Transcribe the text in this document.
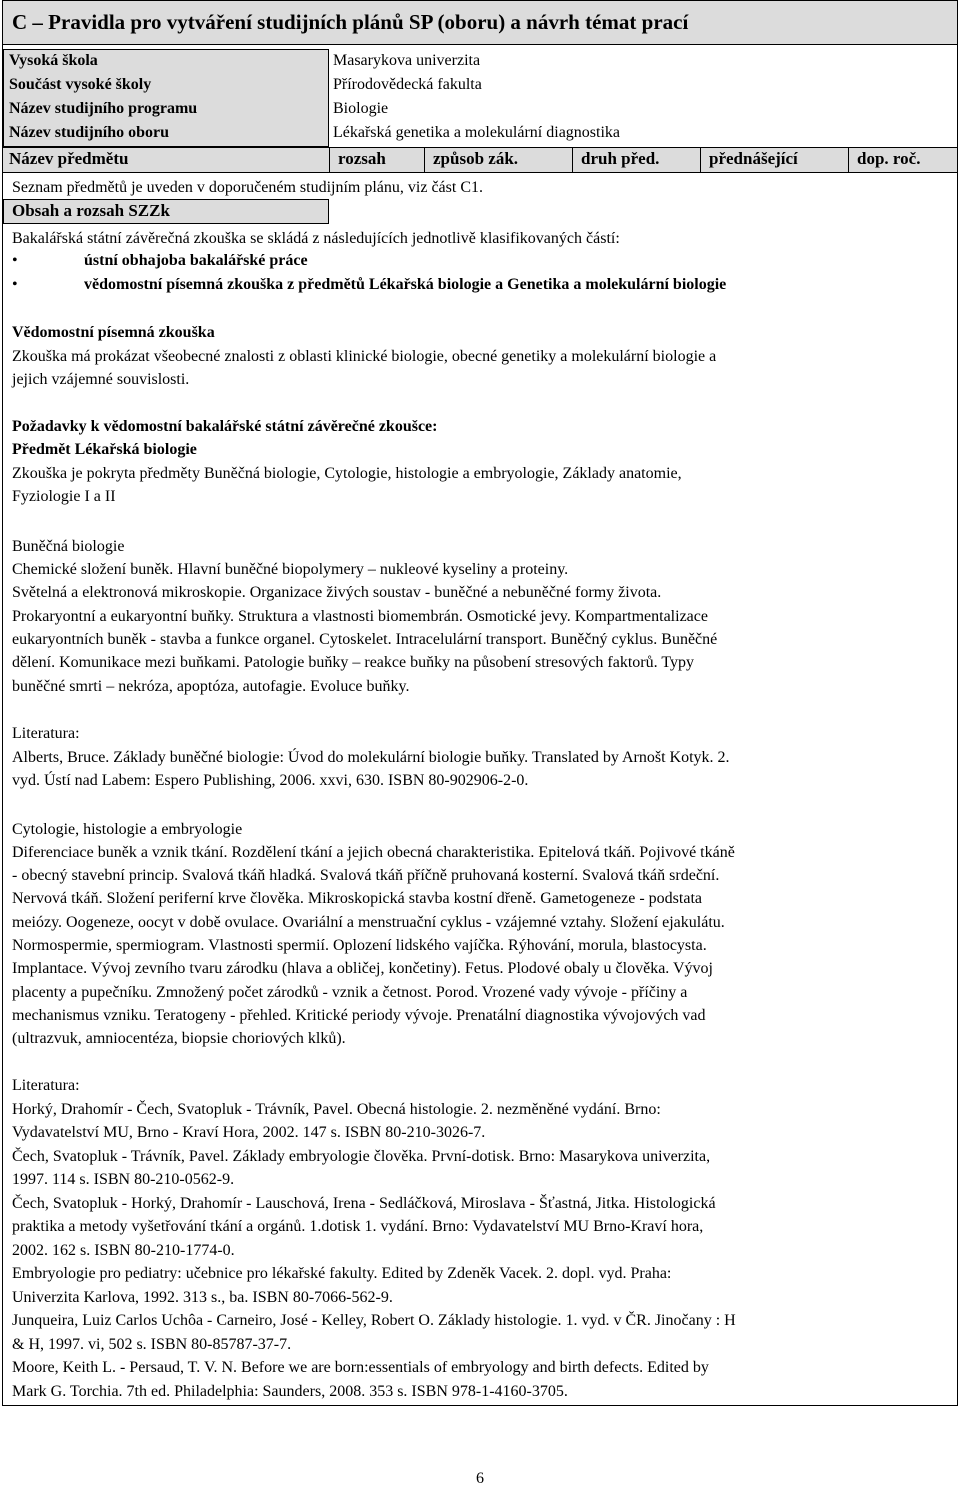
C – Pravidla pro vytváření studijních plánů SP (oboru) a návrh témat prací
Vysoká škola	Masarykova univerzita
Součást vysoké školy	Přírodovědecká fakulta
Název studijního programu	Biologie
Název studijního oboru	Lékařská genetika a molekulární diagnostika
Název předmětu	rozsah	způsob zák.	druh před.	přednášející	dop. roč.
Seznam předmětů je uveden v doporučeném studijním plánu, viz část C1.
Obsah a rozsah SZZk
Bakalářská státní závěrečná zkouška se skládá z následujících jednotlivě klasifikovaných částí:
•	ústní obhajoba bakalářské práce
•	vědomostní písemná zkouška z předmětů Lékařská biologie a Genetika a molekulární biologie
Vědomostní písemná zkouška
Zkouška má prokázat všeobecné znalosti z oblasti klinické biologie, obecné genetiky a molekulární biologie a
jejich vzájemné souvislosti.
Požadavky k vědomostní bakalářské státní závěrečné zkoušce:
Předmět Lékařská biologie
Zkouška je pokryta předměty Buněčná biologie, Cytologie, histologie a embryologie, Základy anatomie,
Fyziologie I a II
Buněčná biologie
Chemické složení buněk. Hlavní buněčné biopolymery – nukleové kyseliny a proteiny.
Světelná a elektronová mikroskopie. Organizace živých soustav - buněčné a nebuněčné formy života.
Prokaryontní a eukaryontní buňky. Struktura a vlastnosti biomembrán. Osmotické jevy. Kompartmentalizace
eukaryontních buněk - stavba a funkce organel. Cytoskelet. Intracelulární transport. Buněčný cyklus. Buněčné
dělení. Komunikace mezi buňkami. Patologie buňky – reakce buňky na působení stresových faktorů. Typy
buněčné smrti – nekróza, apoptóza, autofagie. Evoluce buňky.
Literatura:
Alberts, Bruce. Základy buněčné biologie: Úvod do molekulární biologie buňky. Translated by Arnošt Kotyk. 2.
vyd. Ústí nad Labem: Espero Publishing, 2006. xxvi, 630. ISBN 80-902906-2-0.
Cytologie, histologie a embryologie
Diferenciace buněk a vznik tkání. Rozdělení tkání a jejich obecná charakteristika. Epitelová tkáň. Pojivové tkáně
- obecný stavební princip. Svalová tkáň hladká. Svalová tkáň příčně pruhovaná kosterní. Svalová tkáň srdeční.
Nervová tkáň. Složení periferní krve člověka. Mikroskopická stavba kostní dřeně. Gametogeneze - podstata
meiózy. Oogeneze, oocyt v době ovulace. Ovariální a menstruační cyklus - vzájemné vztahy. Složení ejakulátu.
Normospermie, spermiogram. Vlastnosti spermií. Oplození lidského vajíčka. Rýhování, morula, blastocysta.
Implantace. Vývoj zevního tvaru zárodku (hlava a obličej, končetiny). Fetus. Plodové obaly u člověka. Vývoj
placenty a pupečníku. Zmnožený počet zárodků - vznik a četnost. Porod. Vrozené vady vývoje - příčiny a
mechanismus vzniku. Teratogeny - přehled. Kritické periody vývoje. Prenatální diagnostika vývojových vad
(ultrazvuk, amniocentéza, biopsie choriových klků).
Literatura:
Horký, Drahomír - Čech, Svatopluk - Trávník, Pavel. Obecná histologie. 2. nezměněné vydání. Brno:
Vydavatelství MU, Brno - Kraví Hora, 2002. 147 s. ISBN 80-210-3026-7.
Čech, Svatopluk - Trávník, Pavel. Základy embryologie člověka. První-dotisk. Brno: Masarykova univerzita,
1997. 114 s. ISBN 80-210-0562-9.
Čech, Svatopluk - Horký, Drahomír - Lauschová, Irena - Sedláčková, Miroslava - Šťastná, Jitka. Histologická
praktika a metody vyšetřování tkání a orgánů. 1.dotisk 1. vydání. Brno: Vydavatelství MU Brno-Kraví hora,
2002. 162 s. ISBN 80-210-1774-0.
Embryologie pro pediatry: učebnice pro lékařské fakulty. Edited by Zdeněk Vacek. 2. dopl. vyd. Praha:
Univerzita Karlova, 1992. 313 s., ba. ISBN 80-7066-562-9.
Junqueira, Luiz Carlos Uchôa - Carneiro, José - Kelley, Robert O. Základy histologie. 1. vyd. v ČR. Jinočany : H
& H, 1997. vi, 502 s. ISBN 80-85787-37-7.
Moore, Keith L. - Persaud, T. V. N. Before we are born:essentials of embryology and birth defects. Edited by
Mark G. Torchia. 7th ed. Philadelphia: Saunders, 2008. 353 s. ISBN 978-1-4160-3705.
6
